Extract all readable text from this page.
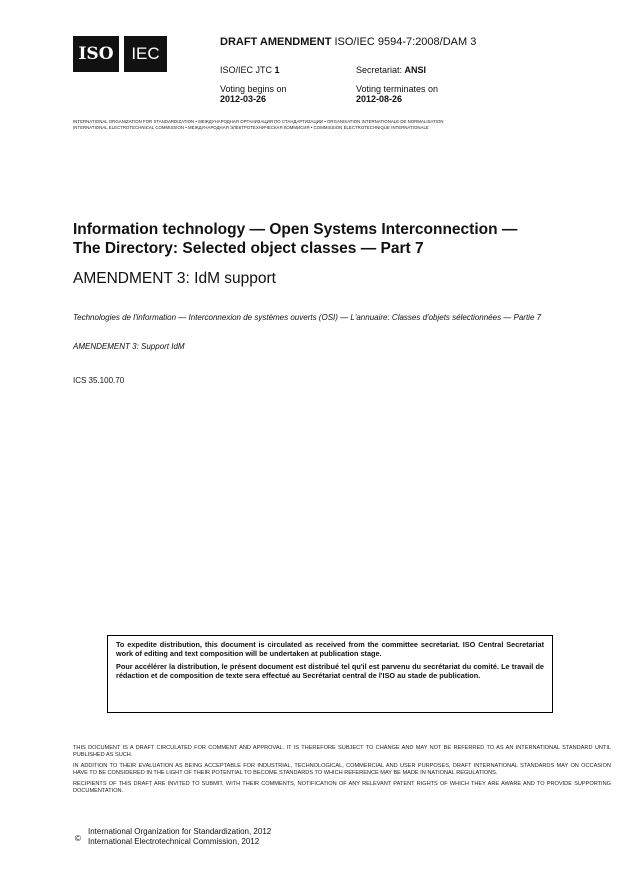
ISO	IEC
DRAFT AMENDMENT ISO/IEC 9594-7:2008/DAM 3
ISO/IEC JTC 1	Secretariat: ANSI
Voting begins on
2012-03-26
Voting terminates on
2012-08-26
INTERNATIONAL ORGANIZATION FOR STANDARDIZATION • МЕЖДУНАРОДНАЯ ОРГАНИЗАЦИЯ ПО СТАНДАРТИЗАЦИИ • ORGANISATION INTERNATIONALE DE NORMALISATION
INTERNATIONAL ELECTROTECHNICAL COMMISSION • МЕЖДУНАРОДНАЯ ЭЛЕКТРОТЕХНИЧЕСКАЯ КОММИСИЯ • COMMISSION ÉLECTROTECHNIQUE INTERNATIONALE
Information technology — Open Systems Interconnection —
The Directory: Selected object classes — Part 7
AMENDMENT 3: IdM support
Technologies de l'information — Interconnexion de systèmes ouverts (OSI) — L'annuaire: Classes d'objets sélectionnées — Partie 7
AMENDEMENT 3: Support IdM
ICS 35.100.70

To expedite distribution, this document is circulated as received from the committee secretariat. ISO Central Secretariat work of editing and text composition will be undertaken at publication stage.

Pour accélérer la distribution, le présent document est distribué tel qu'il est parvenu du secrétariat du comité. Le travail de rédaction et de composition de texte sera effectué au Secrétariat central de l'ISO au stade de publication.

THIS DOCUMENT IS A DRAFT CIRCULATED FOR COMMENT AND APPROVAL. IT IS THEREFORE SUBJECT TO CHANGE AND MAY NOT BE REFERRED TO AS AN INTERNATIONAL STANDARD UNTIL PUBLISHED AS SUCH.

IN ADDITION TO THEIR EVALUATION AS BEING ACCEPTABLE FOR INDUSTRIAL, TECHNOLOGICAL, COMMERCIAL AND USER PURPOSES, DRAFT INTERNATIONAL STANDARDS MAY ON OCCASION HAVE TO BE CONSIDERED IN THE LIGHT OF THEIR POTENTIAL TO BECOME STANDARDS TO WHICH REFERENCE MAY BE MADE IN NATIONAL REGULATIONS.

RECIPIENTS OF THIS DRAFT ARE INVITED TO SUBMIT, WITH THEIR COMMENTS, NOTIFICATION OF ANY RELEVANT PATENT RIGHTS OF WHICH THEY ARE AWARE AND TO PROVIDE SUPPORTING DOCUMENTATION.

©
International Organization for Standardization, 2012
International Electrotechnical Commission, 2012
